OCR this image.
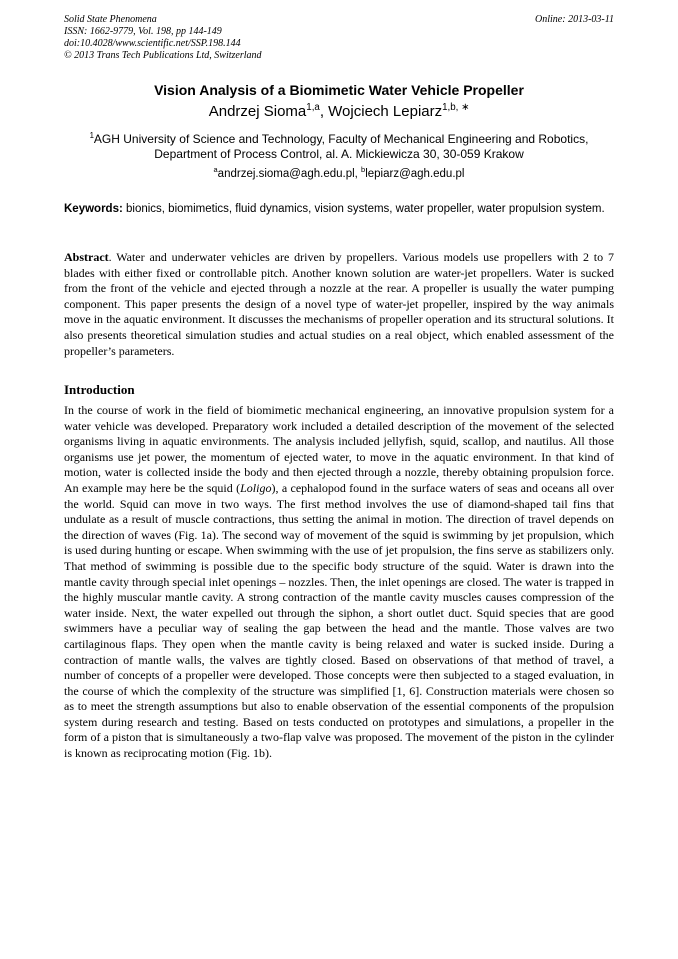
Solid State Phenomena
ISSN: 1662-9779, Vol. 198, pp 144-149
doi:10.4028/www.scientific.net/SSP.198.144
© 2013 Trans Tech Publications Ltd, Switzerland
Online: 2013-03-11
Vision Analysis of a Biomimetic Water Vehicle Propeller
Andrzej Sioma$^{1,a}$, Wojciech Lepiarz$^{1,b, ∗}$
$^1$AGH University of Science and Technology, Faculty of Mechanical Engineering and Robotics,
Department of Process Control, al. A. Mickiewicza 30, 30-059 Krakow
$^a$andrzej.sioma@agh.edu.pl, $^b$lepiarz@agh.edu.pl
Keywords: bionics, biomimetics, fluid dynamics, vision systems, water propeller, water propulsion system.
Abstract. Water and underwater vehicles are driven by propellers. Various models use propellers with 2 to 7 blades with either fixed or controllable pitch. Another known solution are water-jet propellers. Water is sucked from the front of the vehicle and ejected through a nozzle at the rear. A propeller is usually the water pumping component. This paper presents the design of a novel type of water-jet propeller, inspired by the way animals move in the aquatic environment. It discusses the mechanisms of propeller operation and its structural solutions. It also presents theoretical simulation studies and actual studies on a real object, which enabled assessment of the propeller’s parameters.
Introduction

In the course of work in the field of biomimetic mechanical engineering, an innovative propulsion system for a water vehicle was developed. Preparatory work included a detailed description of the movement of the selected organisms living in aquatic environments. The analysis included jellyfish, squid, scallop, and nautilus. All those organisms use jet power, the momentum of ejected water, to move in the aquatic environment. In that kind of motion, water is collected inside the body and then ejected through a nozzle, thereby obtaining propulsion force. An example may here be the squid (Loligo), a cephalopod found in the surface waters of seas and oceans all over the world. Squid can move in two ways. The first method involves the use of diamond-shaped tail fins that undulate as a result of muscle contractions, thus setting the animal in motion. The direction of travel depends on the direction of waves (Fig. 1a). The second way of movement of the squid is swimming by jet propulsion, which is used during hunting or escape. When swimming with the use of jet propulsion, the fins serve as stabilizers only. That method of swimming is possible due to the specific body structure of the squid. Water is drawn into the mantle cavity through special inlet openings – nozzles. Then, the inlet openings are closed. The water is trapped in the highly muscular mantle cavity. A strong contraction of the mantle cavity muscles causes compression of the water inside. Next, the water expelled out through the siphon, a short outlet duct. Squid species that are good swimmers have a peculiar way of sealing the gap between the head and the mantle. Those valves are two cartilaginous flaps. They open when the mantle cavity is being relaxed and water is sucked inside. During a contraction of mantle walls, the valves are tightly closed. Based on observations of that method of travel, a number of concepts of a propeller were developed. Those concepts were then subjected to a staged evaluation, in the course of which the complexity of the structure was simplified [1, 6]. Construction materials were chosen so as to meet the strength assumptions but also to enable observation of the essential components of the propulsion system during research and testing. Based on tests conducted on prototypes and simulations, a propeller in the form of a piston that is simultaneously a two-flap valve was proposed. The movement of the piston in the cylinder is known as reciprocating motion (Fig. 1b).
